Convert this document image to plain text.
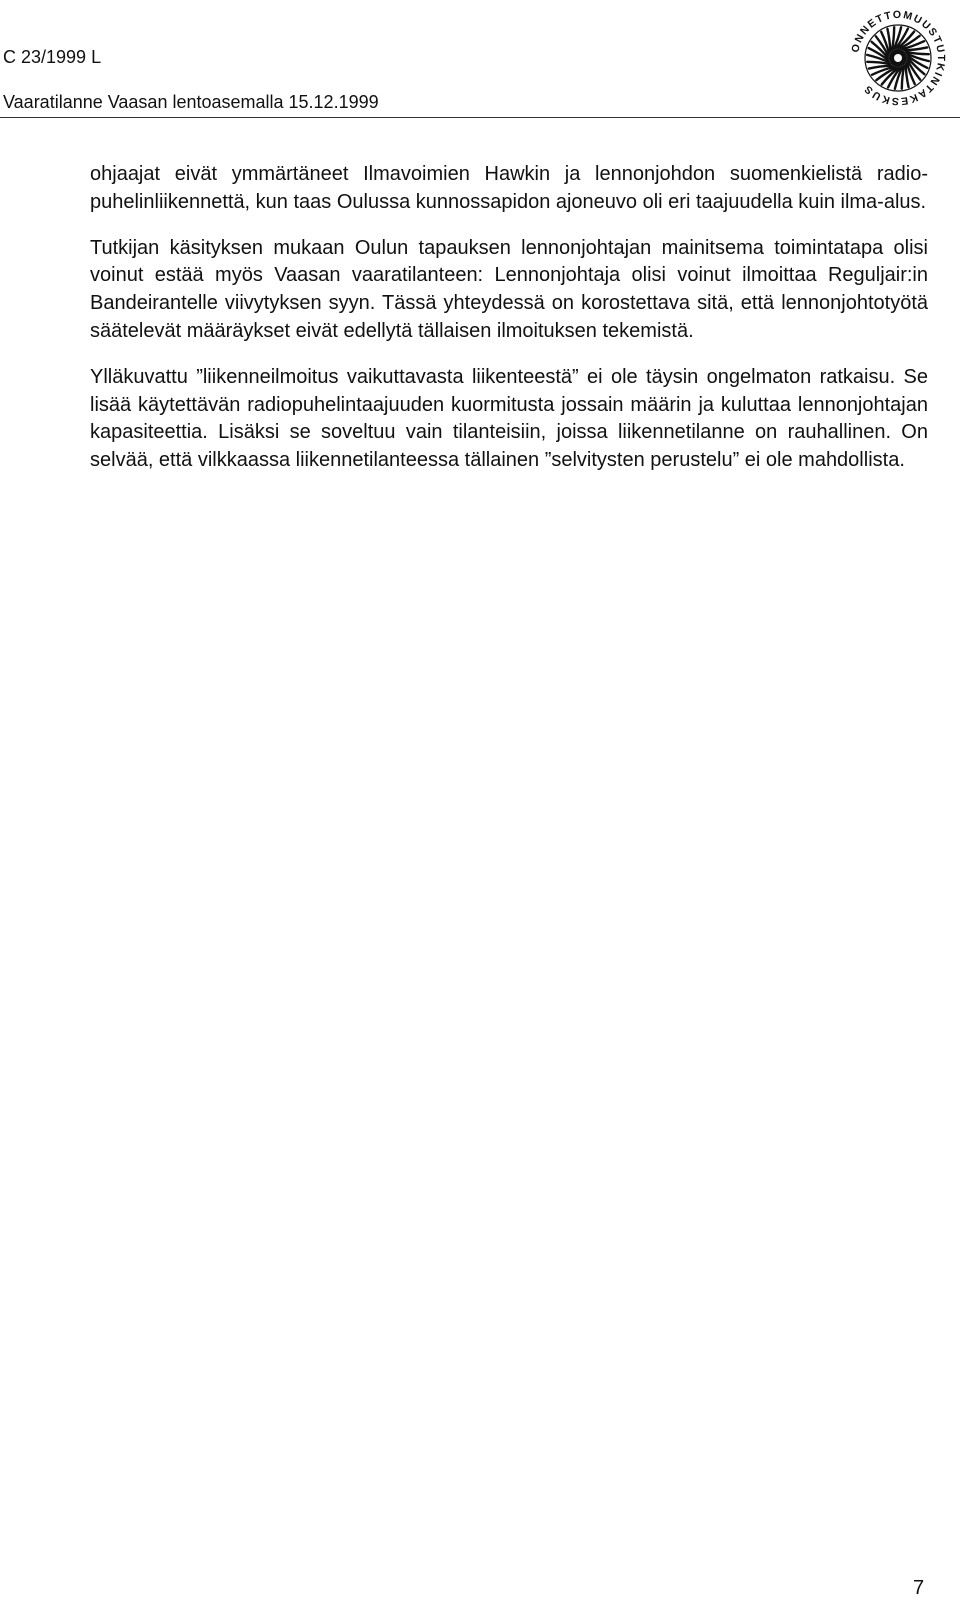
C 23/1999 L
Vaaratilanne Vaasan lentoasemalla 15.12.1999
ONNETTOMUUSTUTKINTAKESKUS

ohjaajat eivät ymmärtäneet Ilmavoimien Hawkin ja lennonjohdon suomenkielistä radiopuhelinliikennettä, kun taas Oulussa kunnossapidon ajoneuvo oli eri taajuudella kuin ilma-alus.

Tutkijan käsityksen mukaan Oulun tapauksen lennonjohtajan mainitsema toimintatapa olisi voinut estää myös Vaasan vaaratilanteen: Lennonjohtaja olisi voinut ilmoittaa Reguljair:in Bandeirantelle viivytyksen syyn. Tässä yhteydessä on korostettava sitä, että lennonjohtotyötä säätelevät määräykset eivät edellytä tällaisen ilmoituksen tekemistä.

Ylläkuvattu ”liikenneilmoitus vaikuttavasta liikenteestä” ei ole täysin ongelmaton ratkaisu. Se lisää käytettävän radiopuhelintaajuuden kuormitusta jossain määrin ja kuluttaa lennonjohtajan kapasiteettia. Lisäksi se soveltuu vain tilanteisiin, joissa liikennetilanne on rauhallinen. On selvää, että vilkkaassa liikennetilanteessa tällainen ”selvitysten perustelu” ei ole mahdollista.

7
